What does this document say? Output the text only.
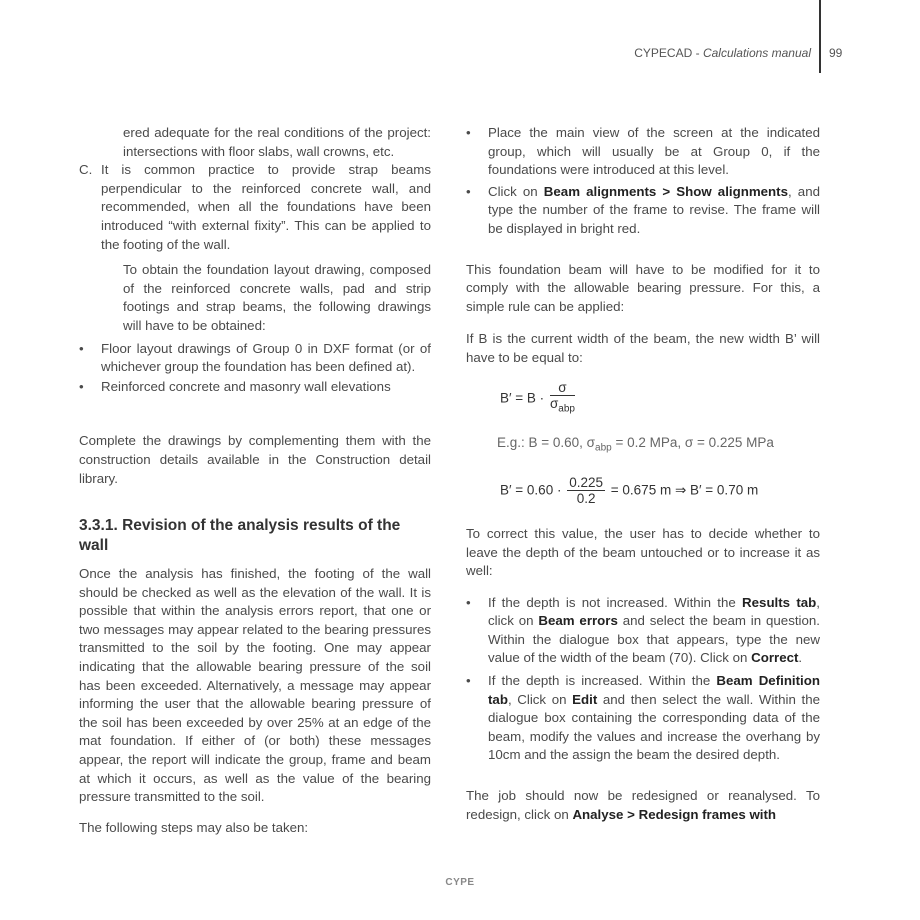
CYPECAD - Calculations manual 99
ered adequate for the real conditions of the project: intersections with floor slabs, wall crowns, etc.
C. It is common practice to provide strap beams perpendicular to the reinforced concrete wall, and recommended, when all the foundations have been introduced “with external fixity”. This can be applied to the footing of the wall.
To obtain the foundation layout drawing, composed of the reinforced concrete walls, pad and strip footings and strap beams, the following drawings will have to be obtained:
• Floor layout drawings of Group 0 in DXF format (or of whichever group the foundation has been defined at).
• Reinforced concrete and masonry wall elevations
Complete the drawings by complementing them with the construction details available in the Construction detail library.
3.3.1. Revision of the analysis results of the wall
Once the analysis has finished, the footing of the wall should be checked as well as the elevation of the wall. It is possible that within the analysis errors report, that one or two messages may appear related to the bearing pressures transmitted to the soil by the footing. One may appear indicating that the allowable bearing pressure of the soil has been exceeded. Alternatively, a message may appear informing the user that the allowable bearing pressure of the soil has been exceeded by over 25% at an edge of the mat foundation. If either of (or both) these messages appear, the report will indicate the group, frame and beam at which it occurs, as well as the value of the bearing pressure transmitted to the soil.
The following steps may also be taken:
• Place the main view of the screen at the indicated group, which will usually be at Group 0, if the foundations were introduced at this level.
• Click on Beam alignments > Show alignments, and type the number of the frame to revise. The frame will be displayed in bright red.
This foundation beam will have to be modified for it to comply with the allowable bearing pressure. For this, a simple rule can be applied:
If B is the current width of the beam, the new width B’ will have to be equal to:
$B' = B \cdot \frac{\sigma}{\sigma_{abp}}$
E.g.: B = 0.60, $\sigma_{abp} = 0.2$ MPa, σ = 0.225 MPa
$B' = 0.60 \cdot \frac{0.225}{0.2} = 0.675$ m ⇒ B′ = 0.70 m
To correct this value, the user has to decide whether to leave the depth of the beam untouched or to increase it as well:
• If the depth is not increased. Within the Results tab, click on Beam errors and select the beam in question. Within the dialogue box that appears, type the new value of the width of the beam (70). Click on Correct.
• If the depth is increased. Within the Beam Definition tab, Click on Edit and then select the wall. Within the dialogue box containing the corresponding data of the beam, modify the values and increase the overhang by 10cm and the assign the beam the desired depth.
The job should now be redesigned or reanalysed. To redesign, click on Analyse > Redesign frames with
CYPE
